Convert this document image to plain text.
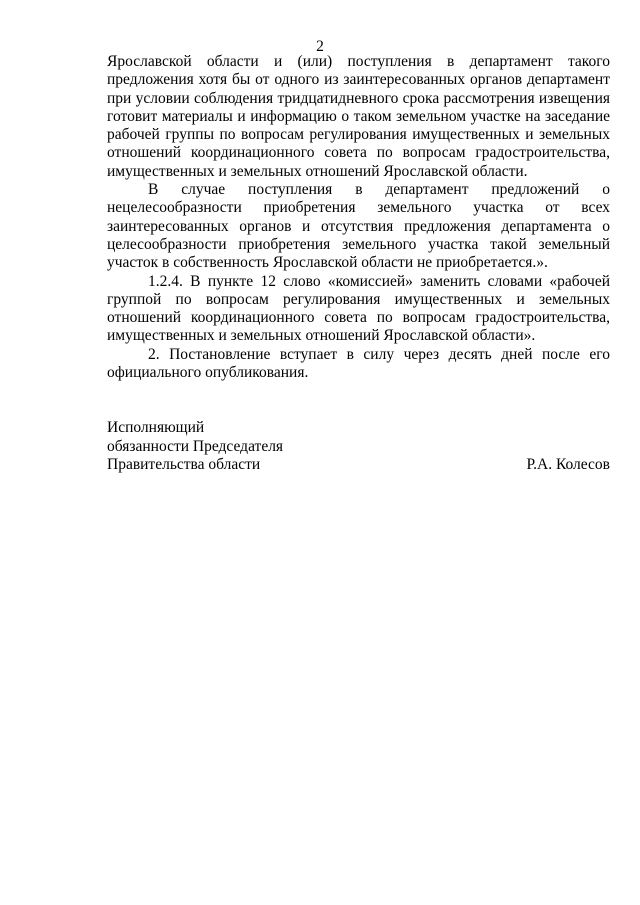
2

Ярославской области и (или) поступления в департамент такого предложения хотя бы от одного из заинтересованных органов департамент при условии соблюдения тридцатидневного срока рассмотрения извещения готовит материалы и информацию о таком земельном участке на заседание рабочей группы по вопросам регулирования имущественных и земельных отношений координационного совета по вопросам градостроительства, имущественных и земельных отношений Ярославской области.

В случае поступления в департамент предложений о нецелесообразности приобретения земельного участка от всех заинтересованных органов и отсутствия предложения департамента о целесообразности приобретения земельного участка такой земельный участок в собственность Ярославской области не приобретается.».

1.2.4. В пункте 12 слово «комиссией» заменить словами «рабочей группой по вопросам регулирования имущественных и земельных отношений координационного совета по вопросам градостроительства, имущественных и земельных отношений Ярославской области».

2. Постановление вступает в силу через десять дней после его официального опубликования.

Исполняющий
обязанности Председателя
Правительства области	Р.А. Колесов
